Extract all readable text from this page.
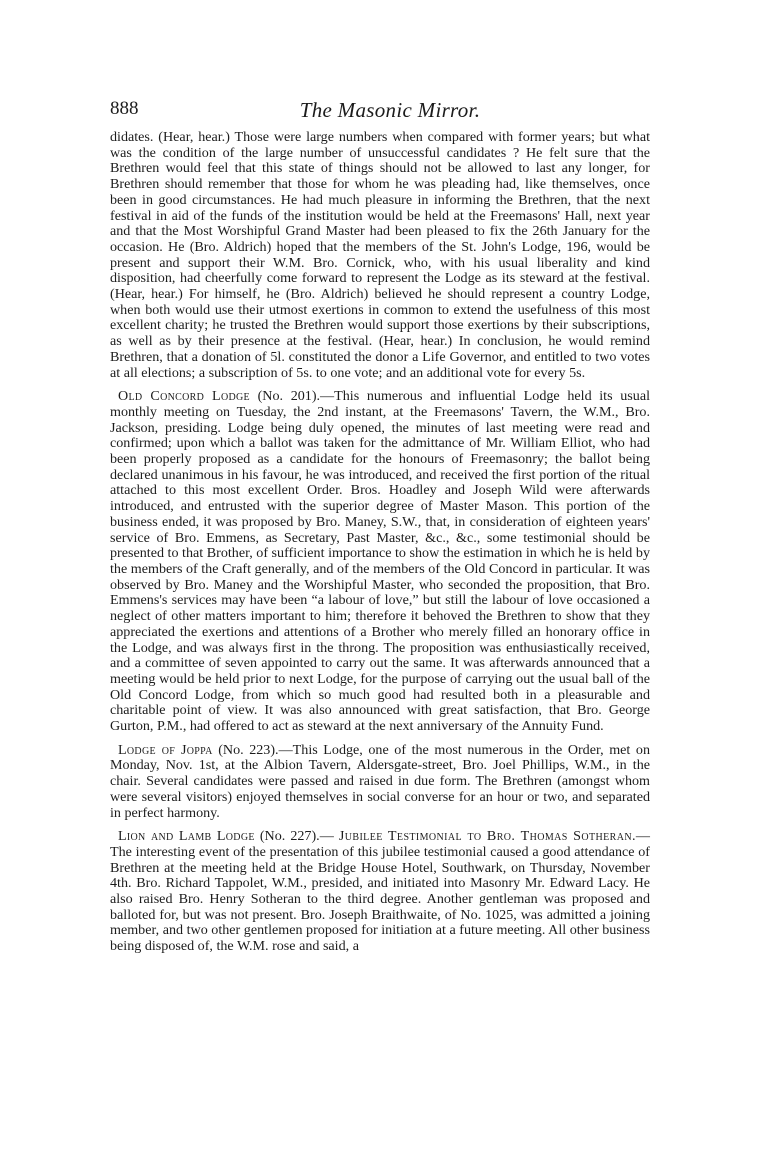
888	The Masonic Mirror.

didates. (Hear, hear.) Those were large numbers when compared with former years; but what was the condition of the large number of unsuccessful candidates ? He felt sure that the Brethren would feel that this state of things should not be allowed to last any longer, for Brethren should remember that those for whom he was pleading had, like themselves, once been in good circumstances. He had much pleasure in informing the Brethren, that the next festival in aid of the funds of the institution would be held at the Freemasons' Hall, next year and that the Most Worshipful Grand Master had been pleased to fix the 26th January for the occasion. He (Bro. Aldrich) hoped that the members of the St. John's Lodge, 196, would be present and support their W.M. Bro. Cornick, who, with his usual liberality and kind disposition, had cheerfully come forward to represent the Lodge as its steward at the festival. (Hear, hear.) For himself, he (Bro. Aldrich) believed he should represent a country Lodge, when both would use their utmost exertions in common to extend the usefulness of this most excellent charity; he trusted the Brethren would support those exertions by their subscriptions, as well as by their presence at the festival. (Hear, hear.) In conclusion, he would remind Brethren, that a donation of 5l. constituted the donor a Life Governor, and entitled to two votes at all elections; a subscription of 5s. to one vote; and an additional vote for every 5s.

Old Concord Lodge (No. 201).—This numerous and influential Lodge held its usual monthly meeting on Tuesday, the 2nd instant, at the Freemasons' Tavern, the W.M., Bro. Jackson, presiding. Lodge being duly opened, the minutes of last meeting were read and confirmed; upon which a ballot was taken for the admittance of Mr. William Elliot, who had been properly proposed as a candidate for the honours of Freemasonry; the ballot being declared unanimous in his favour, he was introduced, and received the first portion of the ritual attached to this most excellent Order. Bros. Hoadley and Joseph Wild were afterwards introduced, and entrusted with the superior degree of Master Mason. This portion of the business ended, it was proposed by Bro. Maney, S.W., that, in consideration of eighteen years' service of Bro. Emmens, as Secretary, Past Master, &c., &c., some testimonial should be presented to that Brother, of sufficient importance to show the estimation in which he is held by the members of the Craft generally, and of the members of the Old Concord in particular. It was observed by Bro. Maney and the Worshipful Master, who seconded the proposition, that Bro. Emmens's services may have been “a labour of love,” but still the labour of love occasioned a neglect of other matters important to him; therefore it behoved the Brethren to show that they appreciated the exertions and attentions of a Brother who merely filled an honorary office in the Lodge, and was always first in the throng. The proposition was enthusiastically received, and a committee of seven appointed to carry out the same. It was afterwards announced that a meeting would be held prior to next Lodge, for the purpose of carrying out the usual ball of the Old Concord Lodge, from which so much good had resulted both in a pleasurable and charitable point of view. It was also announced with great satisfaction, that Bro. George Gurton, P.M., had offered to act as steward at the next anniversary of the Annuity Fund.

Lodge of Joppa (No. 223).—This Lodge, one of the most numerous in the Order, met on Monday, Nov. 1st, at the Albion Tavern, Aldersgate-street, Bro. Joel Phillips, W.M., in the chair. Several candidates were passed and raised in due form. The Brethren (amongst whom were several visitors) enjoyed themselves in social converse for an hour or two, and separated in perfect harmony.

Lion and Lamb Lodge (No. 227).— Jubilee Testimonial to Bro. Thomas Sotheran.—The interesting event of the presentation of this jubilee testimonial caused a good attendance of Brethren at the meeting held at the Bridge House Hotel, Southwark, on Thursday, November 4th. Bro. Richard Tappolet, W.M., presided, and initiated into Masonry Mr. Edward Lacy. He also raised Bro. Henry Sotheran to the third degree. Another gentleman was proposed and balloted for, but was not present. Bro. Joseph Braithwaite, of No. 1025, was admitted a joining member, and two other gentlemen proposed for initiation at a future meeting. All other business being disposed of, the W.M. rose and said, a
